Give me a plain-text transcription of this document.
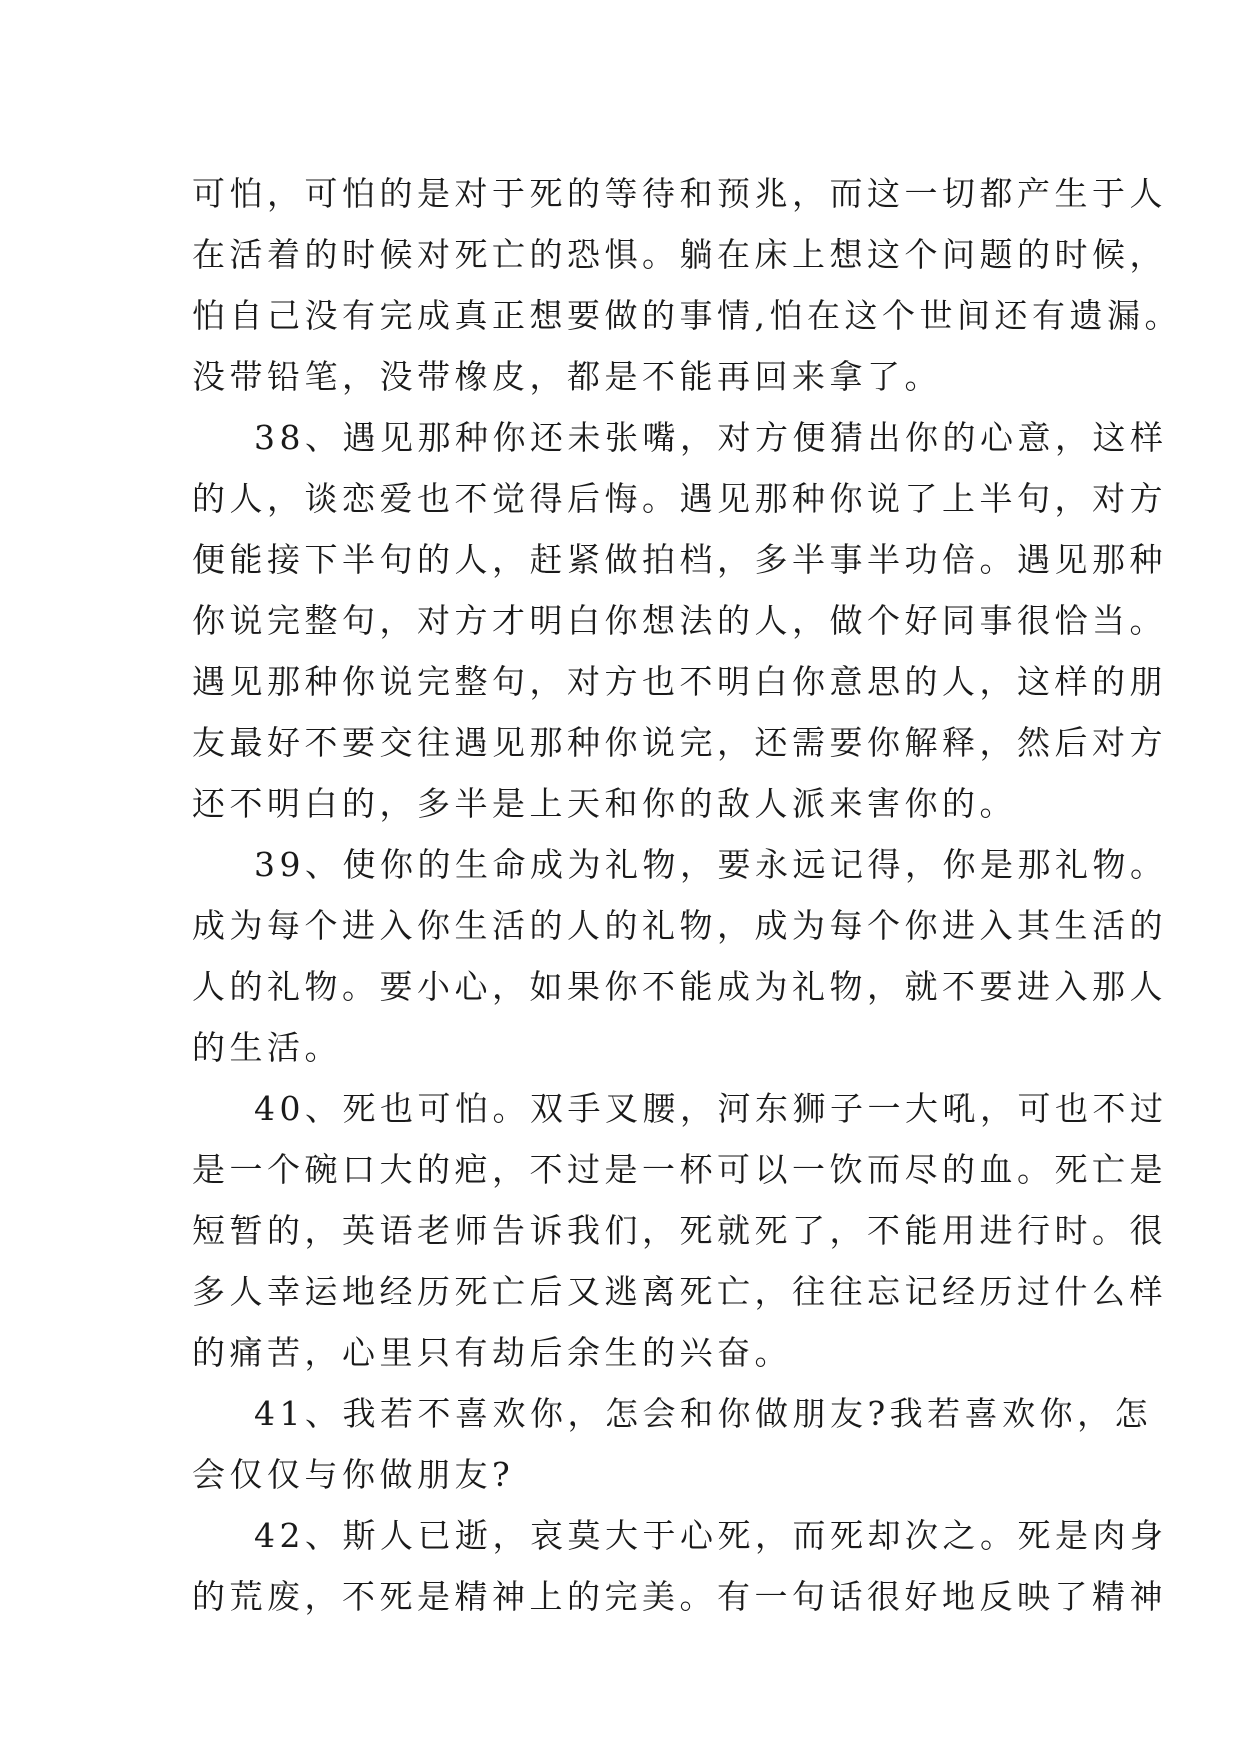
可怕，可怕的是对于死的等待和预兆，而这一切都产生于人
在活着的时候对死亡的恐惧。躺在床上想这个问题的时候，
怕自己没有完成真正想要做的事情,怕在这个世间还有遗漏。
没带铅笔，没带橡皮，都是不能再回来拿了。
38、遇见那种你还未张嘴，对方便猜出你的心意，这样
的人，谈恋爱也不觉得后悔。遇见那种你说了上半句，对方
便能接下半句的人，赶紧做拍档，多半事半功倍。遇见那种
你说完整句，对方才明白你想法的人，做个好同事很恰当。
遇见那种你说完整句，对方也不明白你意思的人，这样的朋
友最好不要交往遇见那种你说完，还需要你解释，然后对方
还不明白的，多半是上天和你的敌人派来害你的。
39、使你的生命成为礼物，要永远记得，你是那礼物。
成为每个进入你生活的人的礼物，成为每个你进入其生活的
人的礼物。要小心，如果你不能成为礼物，就不要进入那人
的生活。
40、死也可怕。双手叉腰，河东狮子一大吼，可也不过
是一个碗口大的疤，不过是一杯可以一饮而尽的血。死亡是
短暂的，英语老师告诉我们，死就死了，不能用进行时。很
多人幸运地经历死亡后又逃离死亡，往往忘记经历过什么样
的痛苦，心里只有劫后余生的兴奋。
41、我若不喜欢你，怎会和你做朋友?我若喜欢你，怎
会仅仅与你做朋友?
42、斯人已逝，哀莫大于心死，而死却次之。死是肉身
的荒废，不死是精神上的完美。有一句话很好地反映了精神
